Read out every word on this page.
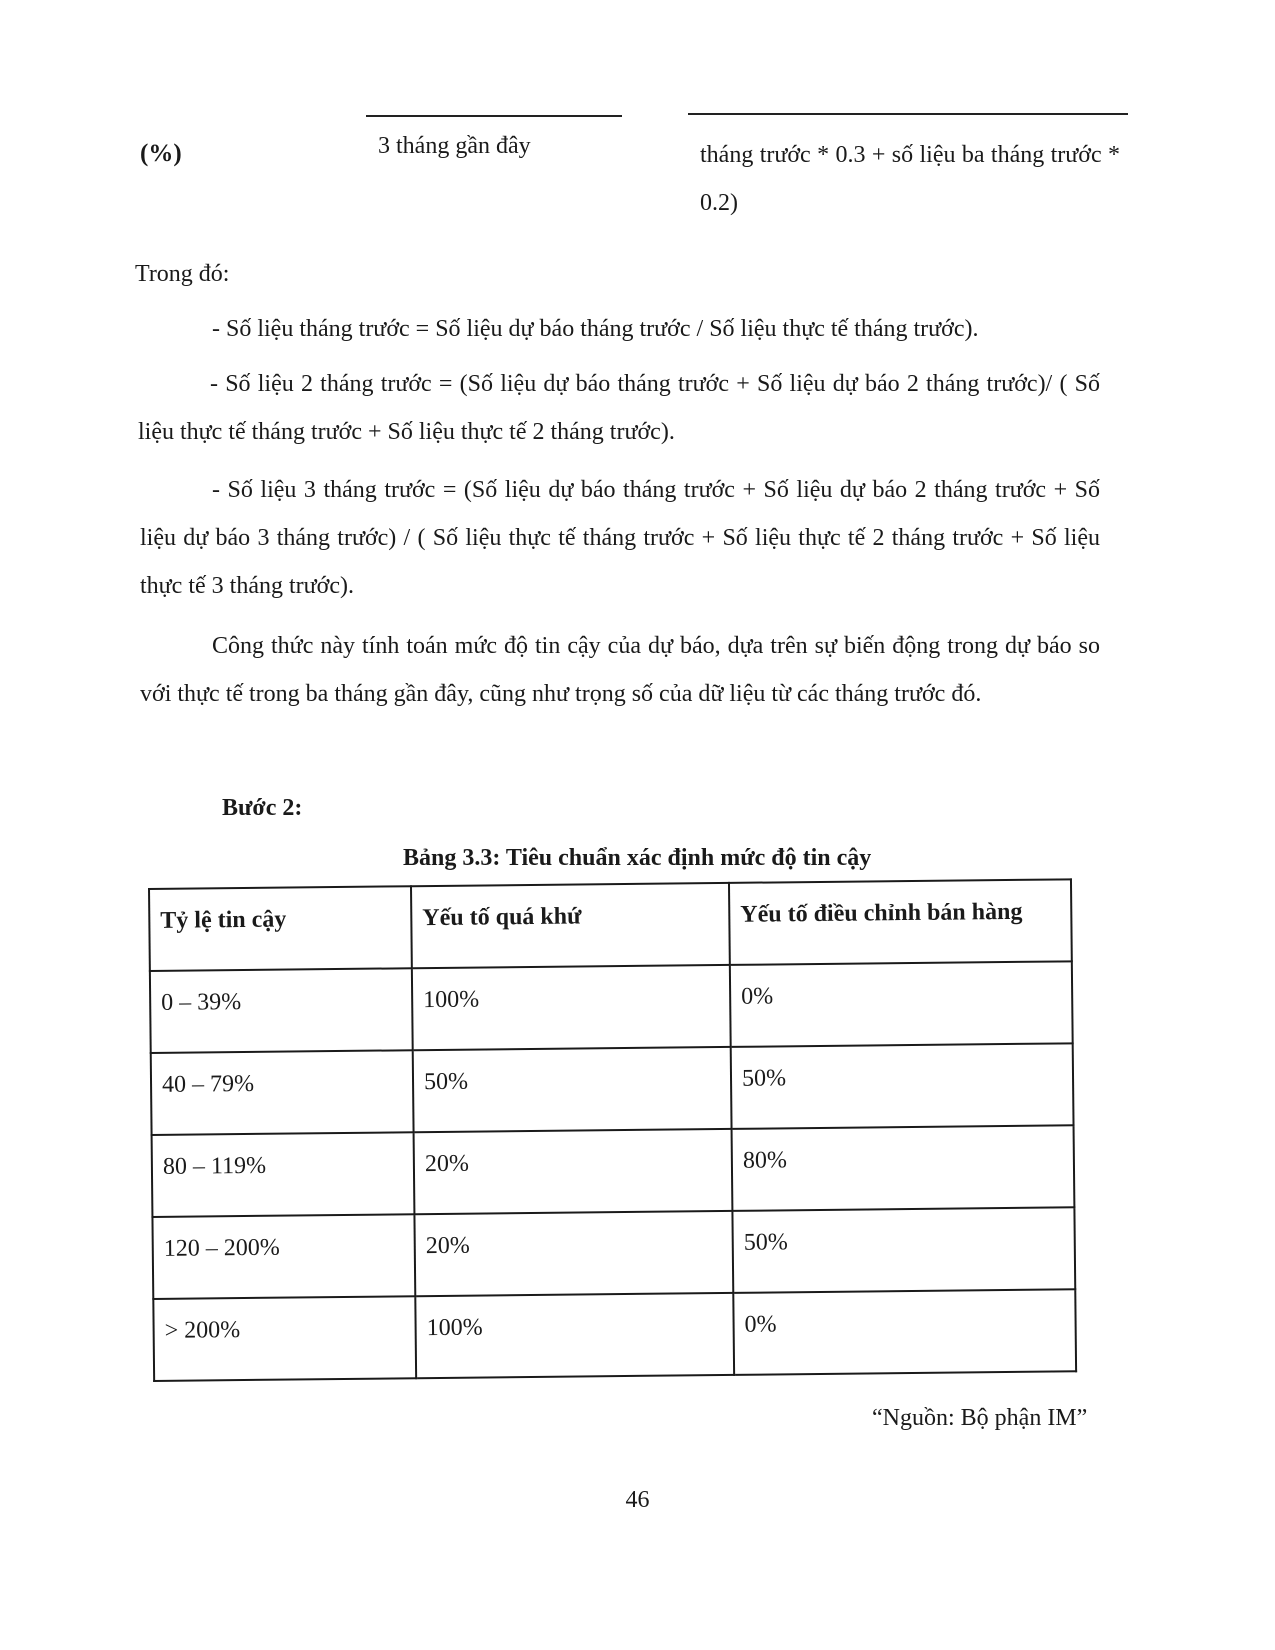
(%)	3 tháng gần đây	tháng trước * 0.3 + số liệu ba tháng trước * 0.2)
Trong đó:
- Số liệu tháng trước = Số liệu dự báo tháng trước / Số liệu thực tế tháng trước).
- Số liệu 2 tháng trước = (Số liệu dự báo tháng trước + Số liệu dự báo 2 tháng trước)/ ( Số liệu thực tế tháng trước + Số liệu thực tế 2 tháng trước).
- Số liệu 3 tháng trước = (Số liệu dự báo tháng trước + Số liệu dự báo 2 tháng trước + Số liệu dự báo 3 tháng trước) / ( Số liệu thực tế tháng trước + Số liệu thực tế 2 tháng trước + Số liệu thực tế 3 tháng trước).
Công thức này tính toán mức độ tin cậy của dự báo, dựa trên sự biến động trong dự báo so với thực tế trong ba tháng gần đây, cũng như trọng số của dữ liệu từ các tháng trước đó.
Bước 2:
Bảng 3.3: Tiêu chuẩn xác định mức độ tin cậy
Tỷ lệ tin cậy	Yếu tố quá khứ	Yếu tố điều chỉnh bán hàng
0 – 39%	100%	0%
40 – 79%	50%	50%
80 – 119%	20%	80%
120 – 200%	20%	50%
> 200%	100%	0%
“Nguồn: Bộ phận IM”
46
